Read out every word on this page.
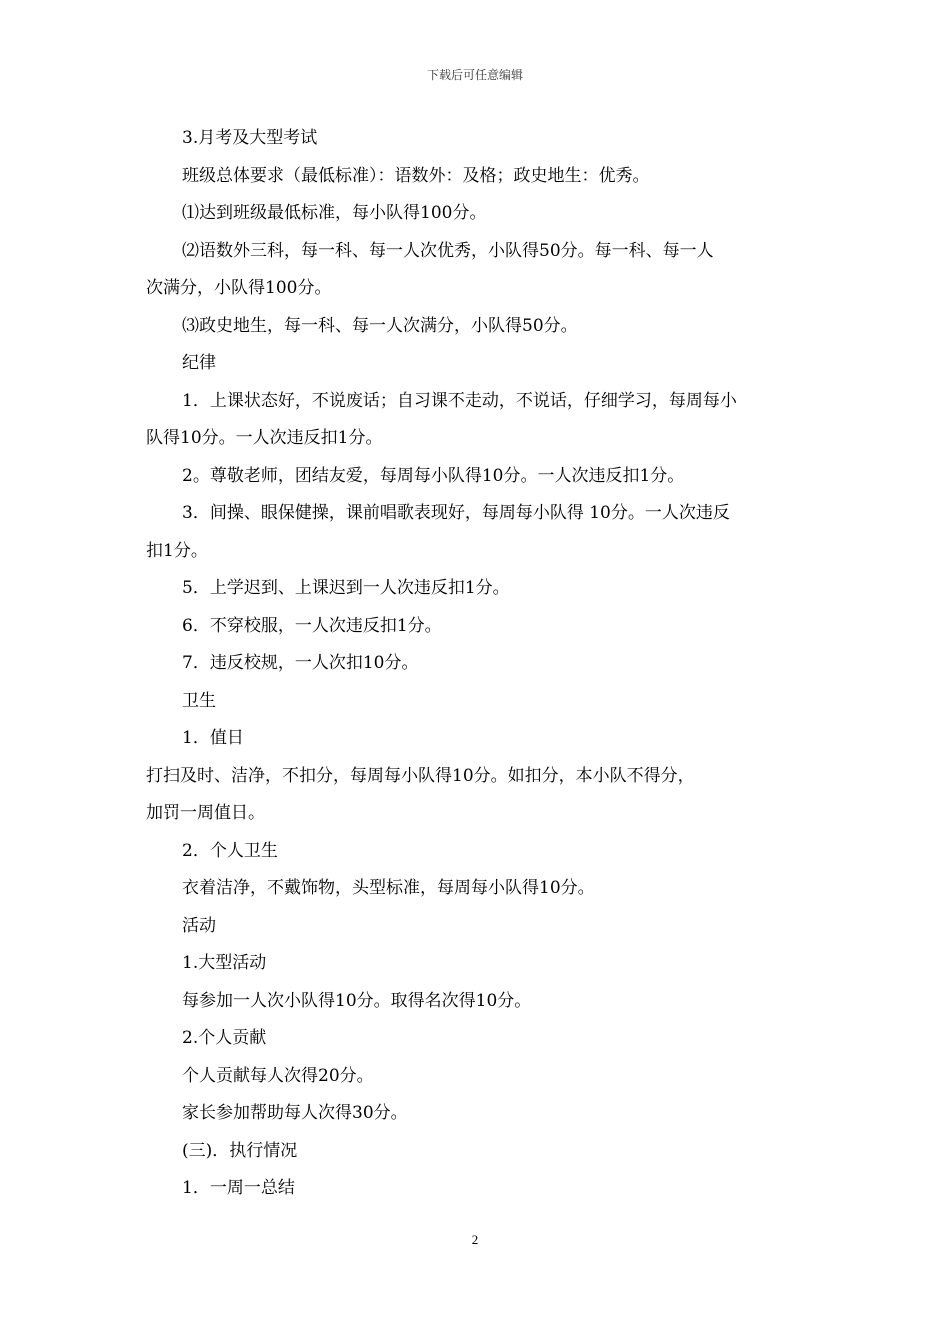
下载后可任意编辑
3.月考及大型考试
班级总体要求（最低标准）：语数外：及格；政史地生：优秀。
⑴达到班级最低标准，每小队得100分。
⑵语数外三科，每一科、每一人次优秀，小队得50分。每一科、每一人
次满分，小队得100分。
⑶政史地生，每一科、每一人次满分，小队得50分。
纪律
1．上课状态好，不说废话；自习课不走动，不说话，仔细学习，每周每小
队得10分。一人次违反扣1分。
2。尊敬老师，团结友爱，每周每小队得10分。一人次违反扣1分。
3．间操、眼保健操，课前唱歌表现好，每周每小队得 10分。一人次违反
扣1分。
5．上学迟到、上课迟到一人次违反扣1分。
6．不穿校服，一人次违反扣1分。
7．违反校规，一人次扣10分。
卫生
1．值日
打扫及时、洁净，不扣分，每周每小队得10分。如扣分，本小队不得分，
加罚一周值日。
2．个人卫生
衣着洁净，不戴饰物，头型标准，每周每小队得10分。
活动
1.大型活动
每参加一人次小队得10分。取得名次得10分。
2.个人贡献
个人贡献每人次得20分。
家长参加帮助每人次得30分。
(三)．执行情况
1．一周一总结
2
